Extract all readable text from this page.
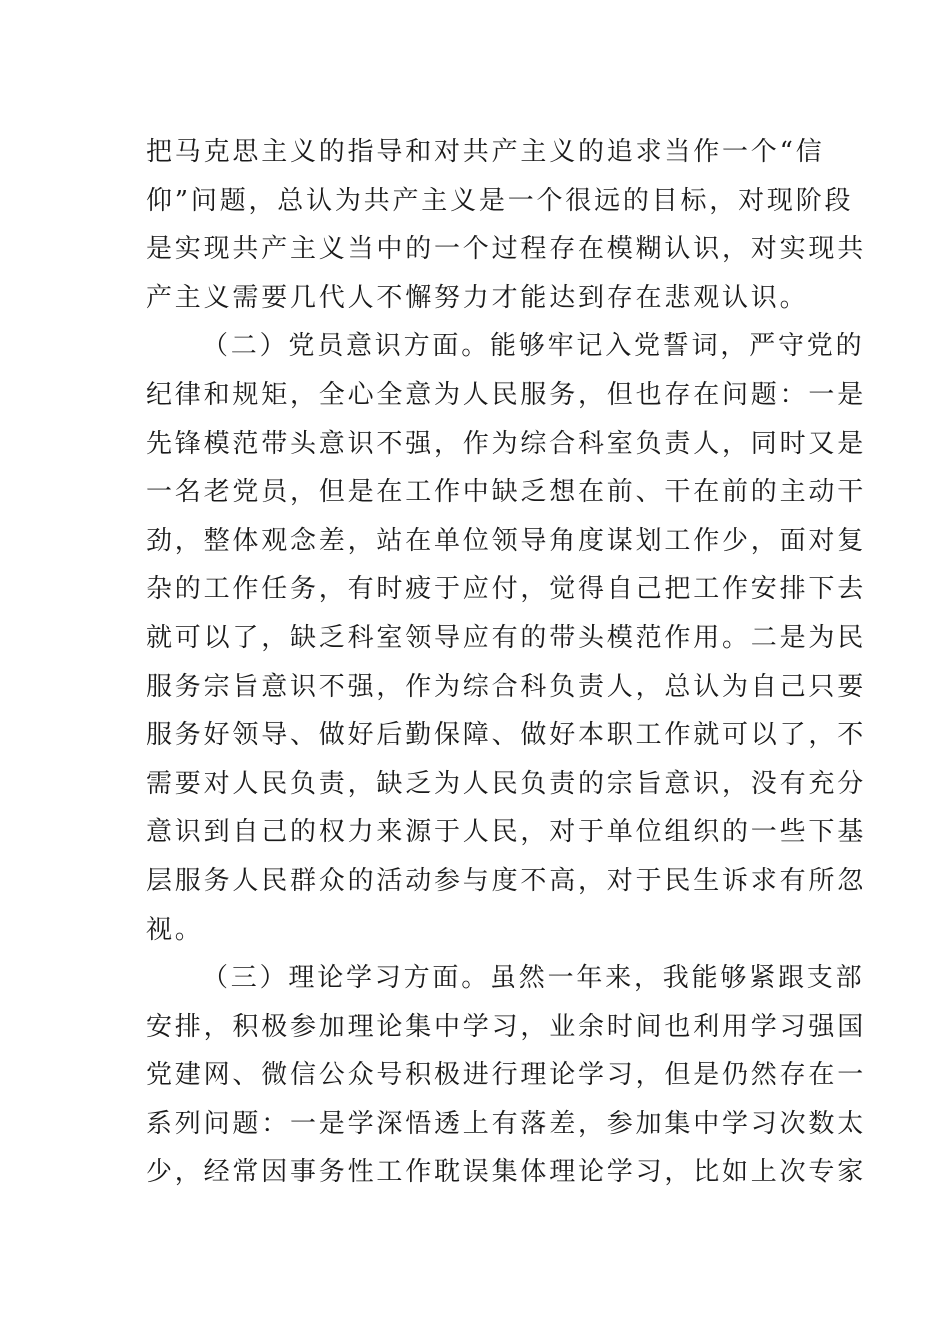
把马克思主义的指导和对共产主义的追求当作一个“信
仰”问题，总认为共产主义是一个很远的目标，对现阶段
是实现共产主义当中的一个过程存在模糊认识，对实现共
产主义需要几代人不懈努力才能达到存在悲观认识。
（二）党员意识方面。能够牢记入党誓词，严守党的
纪律和规矩，全心全意为人民服务，但也存在问题：一是
先锋模范带头意识不强，作为综合科室负责人，同时又是
一名老党员，但是在工作中缺乏想在前、干在前的主动干
劲，整体观念差，站在单位领导角度谋划工作少，面对复
杂的工作任务，有时疲于应付，觉得自己把工作安排下去
就可以了，缺乏科室领导应有的带头模范作用。二是为民
服务宗旨意识不强，作为综合科负责人，总认为自己只要
服务好领导、做好后勤保障、做好本职工作就可以了，不
需要对人民负责，缺乏为人民负责的宗旨意识，没有充分
意识到自己的权力来源于人民，对于单位组织的一些下基
层服务人民群众的活动参与度不高，对于民生诉求有所忽
视。
（三）理论学习方面。虽然一年来，我能够紧跟支部
安排，积极参加理论集中学习，业余时间也利用学习强国
党建网、微信公众号积极进行理论学习，但是仍然存在一
系列问题：一是学深悟透上有落差，参加集中学习次数太
少，经常因事务性工作耽误集体理论学习，比如上次专家
